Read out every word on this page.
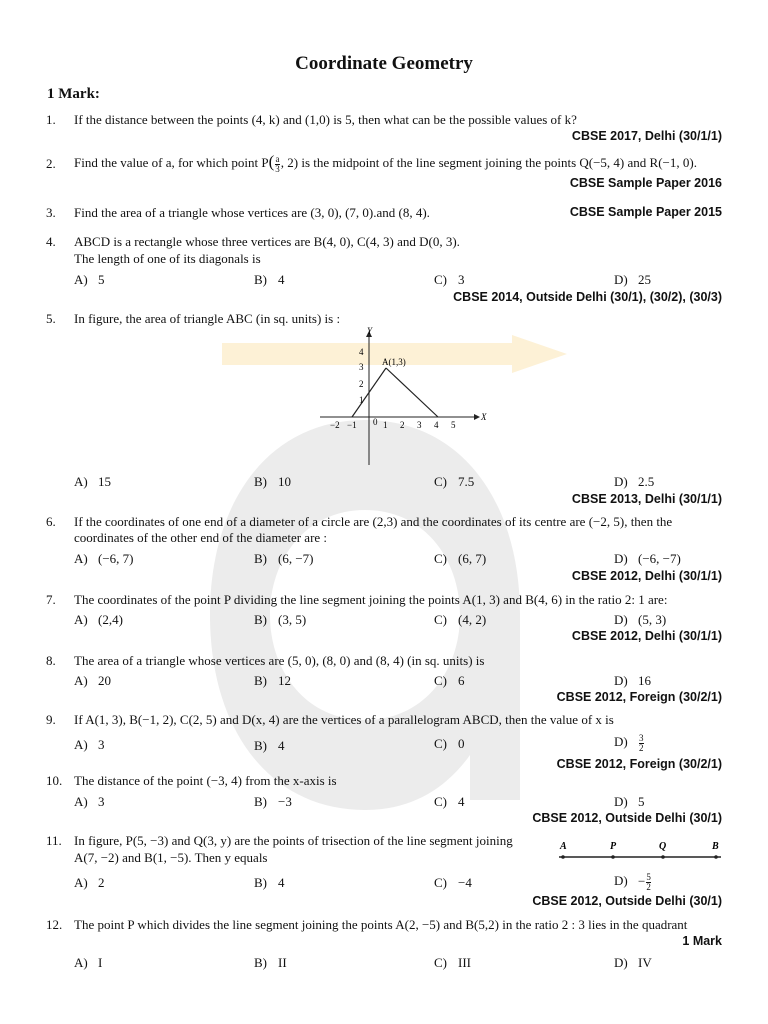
Coordinate Geometry
1 Mark:
1. If the distance between the points (4, k) and (1,0) is 5, then what can be the possible values of k?
CBSE 2017, Delhi (30/1/1)
2. Find the value of a, for which point $P( \frac{a}{3}$ , 2) is the midpoint of the line segment joining the points Q(−5, 4) and R(−1, 0).
CBSE Sample Paper 2016
3. Find the area of a triangle whose vertices are (3, 0), (7, 0).and (8, 4).	CBSE Sample Paper 2015
4. ABCD is a rectangle whose three vertices are B(4, 0), C(4, 3) and D(0, 3).
The length of one of its diagonals is
A) 5	B) 4	C) 3	D) 25
CBSE 2014, Outside Delhi (30/1), (30/2), (30/3)
5. In figure, the area of triangle ABC (in sq. units) is :
Y
X
0
−2 −1	1 2 3 4 5
4
3
2
1
A(1,3)
A) 15	B) 10	C) 7.5	D) 2.5
CBSE 2013, Delhi (30/1/1)
6. If the coordinates of one end of a diameter of a circle are (2,3) and the coordinates of its centre are (−2, 5), then the
coordinates of the other end of the diameter are :
A) (−6, 7)	B) (6, −7)	C) (6, 7)	D) (−6, −7)
CBSE 2012, Delhi (30/1/1)
7. The coordinates of the point P dividing the line segment joining the points A(1, 3) and B(4, 6) in the ratio 2: 1 are:
A) (2,4)	B) (3, 5)	C) (4, 2)	D) (5, 3)
CBSE 2012, Delhi (30/1/1)
8. The area of a triangle whose vertices are (5, 0), (8, 0) and (8, 4) (in sq. units) is
A) 20	B) 12	C) 6	D) 16
CBSE 2012, Foreign (30/2/1)
9. If A(1, 3), B(−1, 2), C(2, 5) and D(x, 4) are the vertices of a parallelogram ABCD, then the value of x is
A) 3	B) 4	C) 0	$D) \frac{3}{2}$
CBSE 2012, Foreign (30/2/1)
10. The distance of the point (−3, 4) from the x-axis is
A) 3	B) −3	C) 4	D) 5
CBSE 2012, Outside Delhi (30/1)
11. In figure, P(5, −3) and Q(3, y) are the points of trisection of the line segment joining
A(7, −2) and B(1, −5). Then y equals
A	P	Q	B
A) 2	B) 4	C) −4	$D) - \frac{5}{2}$
CBSE 2012, Outside Delhi (30/1)
12. The point P which divides the line segment joining the points A(2, −5) and B(5,2) in the ratio 2 : 3 lies in the quadrant
1 Mark
A) I	B) II	C) III	D) IV
